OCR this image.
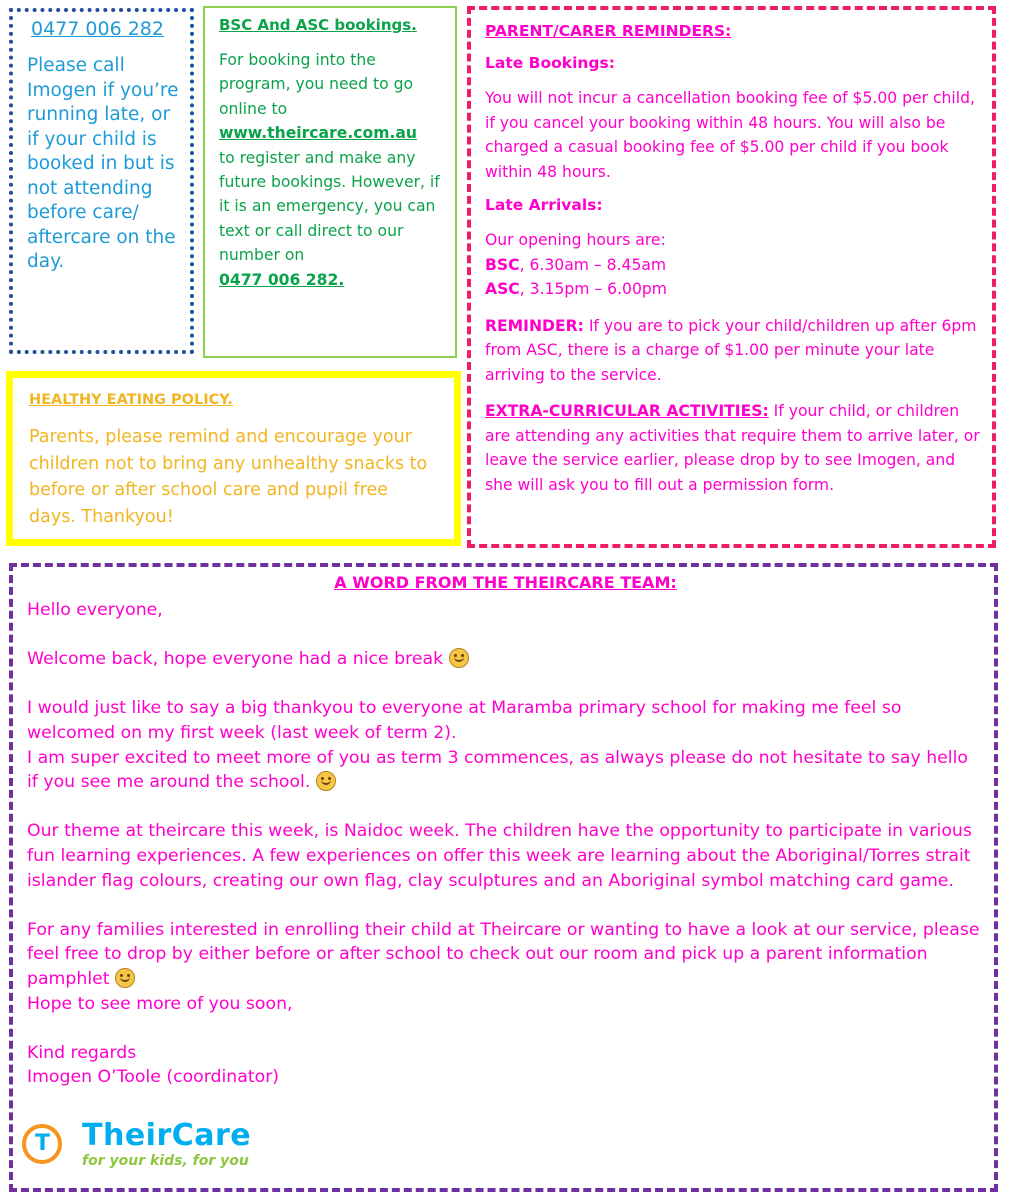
0477 006 282

Please call Imogen if you’re running late, or if your child is booked in but is not attending before care/ aftercare on the day.

BSC And ASC bookings.

For booking into the program, you need to go online to
www.theircare.com.au
to register and make any future bookings. However, if it is an emergency, you can text or call direct to our number on
0477 006 282.

HEALTHY EATING POLICY.

Parents, please remind and encourage your children not to bring any unhealthy snacks to before or after school care and pupil free days. Thankyou!

PARENT/CARER REMINDERS:

Late Bookings:

You will not incur a cancellation booking fee of $5.00 per child, if you cancel your booking within 48 hours. You will also be charged a casual booking fee of $5.00 per child if you book within 48 hours.

Late Arrivals:

Our opening hours are:
BSC, 6.30am – 8.45am
ASC, 3.15pm – 6.00pm

REMINDER: If you are to pick your child/children up after 6pm from ASC, there is a charge of $1.00 per minute your late arriving to the service.

EXTRA-CURRICULAR ACTIVITIES: If your child, or children are attending any activities that require them to arrive later, or leave the service earlier, please drop by to see Imogen, and she will ask you to fill out a permission form.

A WORD FROM THE THEIRCARE TEAM:

Hello everyone,

Welcome back, hope everyone had a nice break

I would just like to say a big thankyou to everyone at Maramba primary school for making me feel so welcomed on my first week (last week of term 2).

I am super excited to meet more of you as term 3 commences, as always please do not hesitate to say hello if you see me around the school.

Our theme at theircare this week, is Naidoc week. The children have the opportunity to participate in various fun learning experiences. A few experiences on offer this week are learning about the Aboriginal/Torres strait islander flag colours, creating our own flag, clay sculptures and an Aboriginal symbol matching card game.

For any families interested in enrolling their child at Theircare or wanting to have a look at our service, please feel free to drop by either before or after school to check out our room and pick up a parent information pamphlet

Hope to see more of you soon,

Kind regards

Imogen O’Toole (coordinator)

T TheirCare
for your kids, for you
